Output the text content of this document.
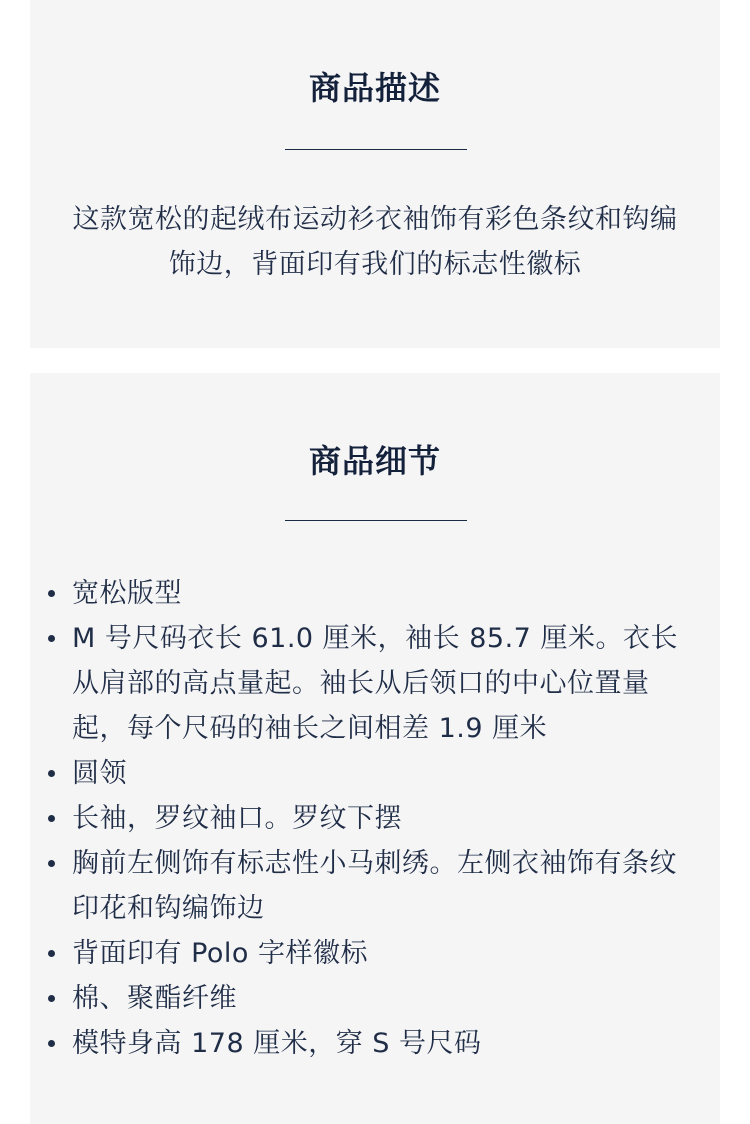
商品描述

这款宽松的起绒布运动衫衣袖饰有彩色条纹和钩编饰边，背面印有我们的标志性徽标

商品细节
宽松版型
M 号尺码衣长 61.0 厘米，袖长 85.7 厘米。衣长从肩部的高点量起。袖长从后领口的中心位置量起，每个尺码的袖长之间相差 1.9 厘米
圆领
长袖，罗纹袖口。罗纹下摆
胸前左侧饰有标志性小马刺绣。左侧衣袖饰有条纹印花和钩编饰边
背面印有 Polo 字样徽标
棉、聚酯纤维
模特身高 178 厘米，穿 S 号尺码
